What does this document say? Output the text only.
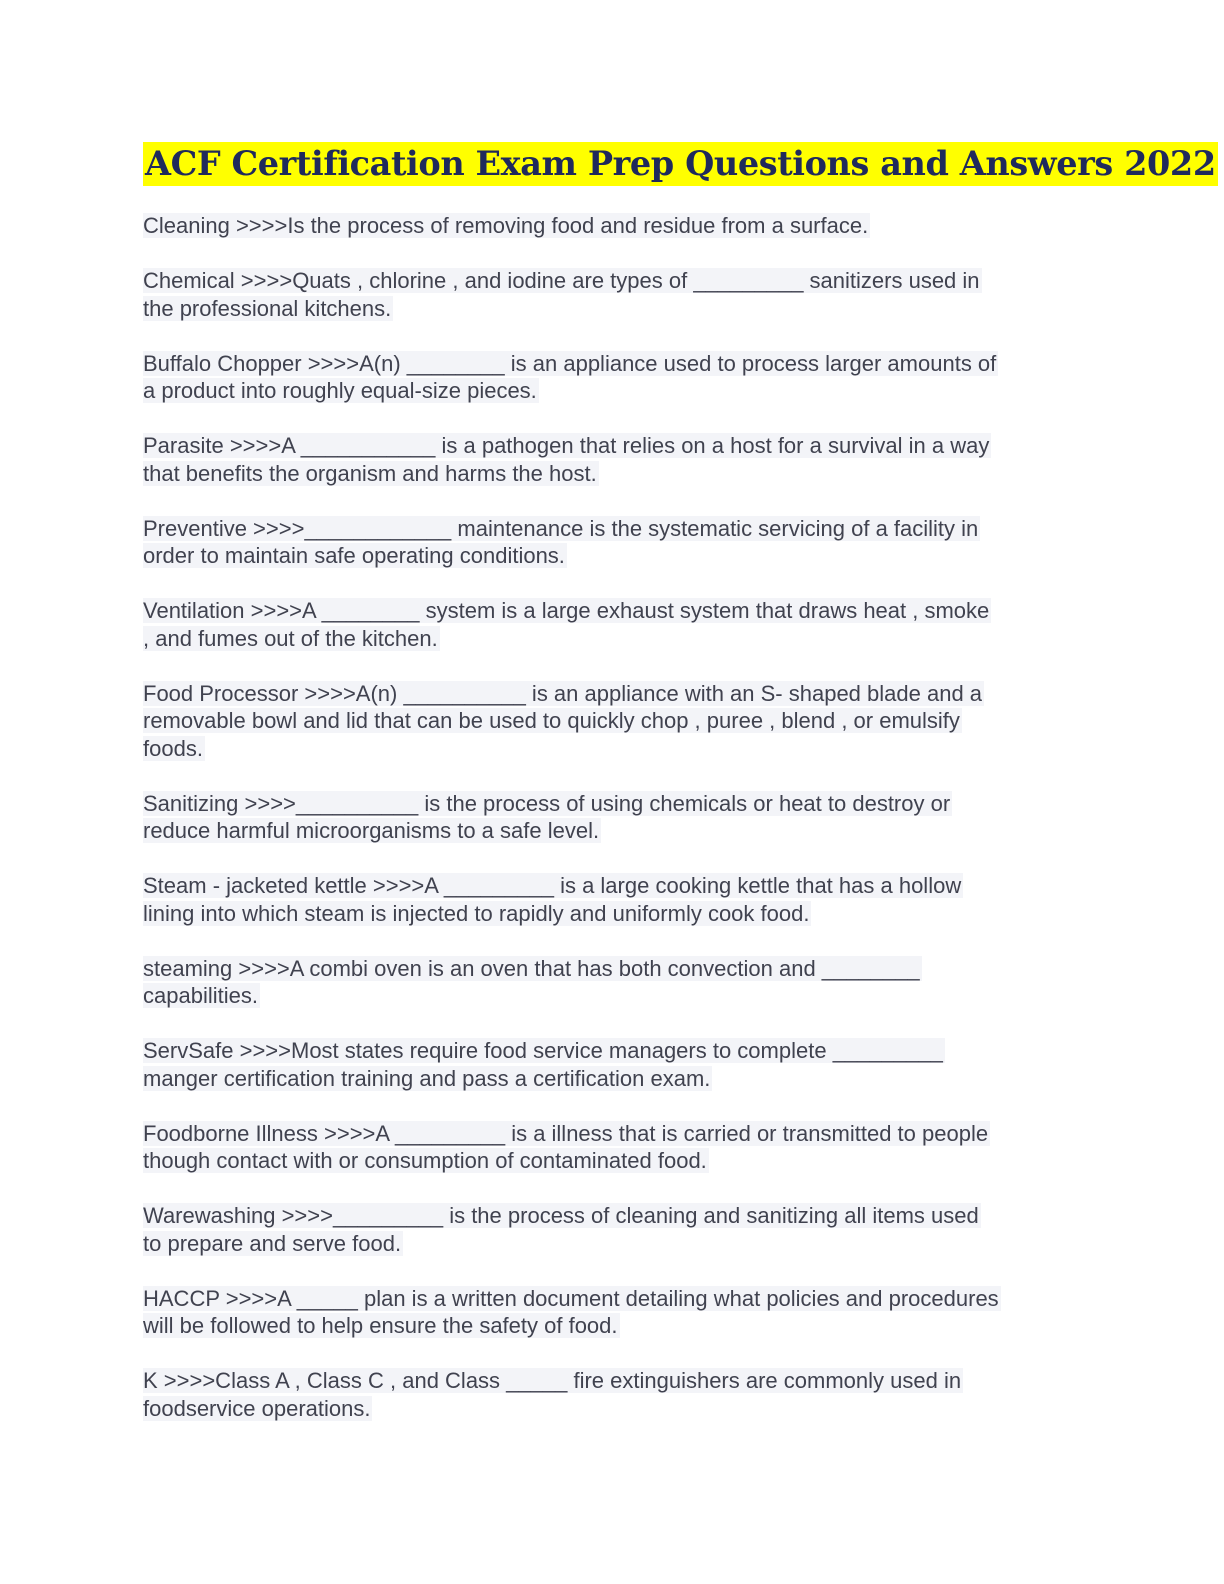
ACF Certification Exam Prep Questions and Answers 2022
Cleaning >>>>Is the process of removing food and residue from a surface.
Chemical >>>>Quats , chlorine , and iodine are types of _________ sanitizers used in
the professional kitchens.
Buffalo Chopper >>>>A(n) ________ is an appliance used to process larger amounts of
a product into roughly equal-size pieces.
Parasite >>>>A ___________ is a pathogen that relies on a host for a survival in a way
that benefits the organism and harms the host.
Preventive >>>>____________ maintenance is the systematic servicing of a facility in
order to maintain safe operating conditions.
Ventilation >>>>A ________ system is a large exhaust system that draws heat , smoke
, and fumes out of the kitchen.
Food Processor >>>>A(n) __________ is an appliance with an S- shaped blade and a
removable bowl and lid that can be used to quickly chop , puree , blend , or emulsify
foods.
Sanitizing >>>>__________ is the process of using chemicals or heat to destroy or
reduce harmful microorganisms to a safe level.
Steam - jacketed kettle >>>>A _________ is a large cooking kettle that has a hollow
lining into which steam is injected to rapidly and uniformly cook food.
steaming >>>>A combi oven is an oven that has both convection and ________
capabilities.
ServSafe >>>>Most states require food service managers to complete _________
manger certification training and pass a certification exam.
Foodborne Illness >>>>A _________ is a illness that is carried or transmitted to people
though contact with or consumption of contaminated food.
Warewashing >>>>_________ is the process of cleaning and sanitizing all items used
to prepare and serve food.
HACCP >>>>A _____ plan is a written document detailing what policies and procedures
will be followed to help ensure the safety of food.
K >>>>Class A , Class C , and Class _____ fire extinguishers are commonly used in
foodservice operations.
